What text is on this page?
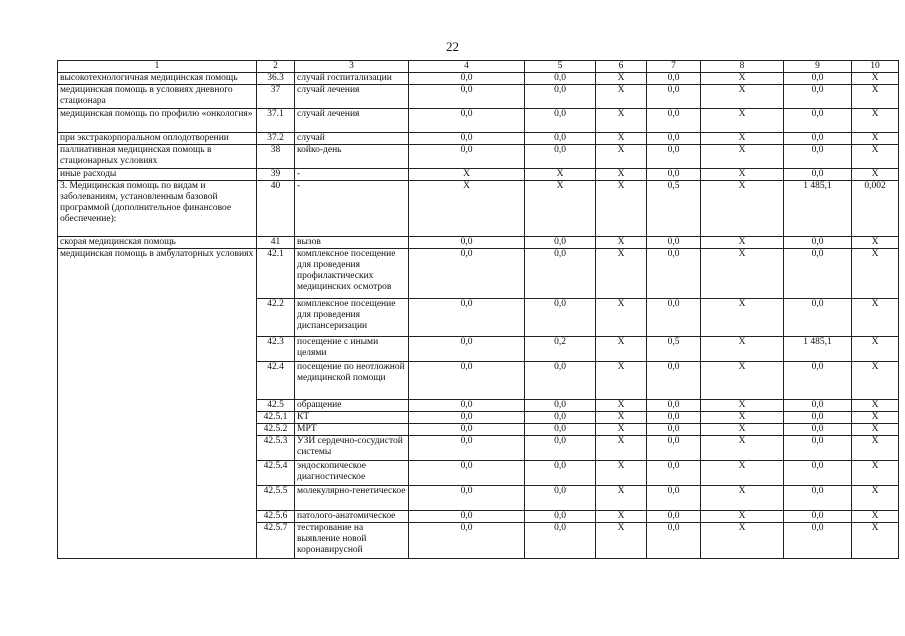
22
1	2	3	4	5	6	7	8	9	10
высокотехнологичная медицинская помощь	36.3	случай госпитализации	0,0	0,0	X	0,0	X	0,0	X
медицинская помощь в условиях дневного стационара	37	случай лечения	0,0	0,0	X	0,0	X	0,0	X
медицинская помощь по профилю «онкология»	37.1	случай лечения	0,0	0,0	X	0,0	X	0,0	X
при экстракорпоральном оплодотворении	37.2	случай	0,0	0,0	X	0,0	X	0,0	X
паллиативная медицинская помощь в стационарных условиях	38	койко-день	0,0	0,0	X	0,0	X	0,0	X
иные расходы	39	-	X	X	X	0,0	X	0,0	X
3. Медицинская помощь по видам и заболеваниям, установленным базовой программой (дополнительное финансовое обеспечение):	40	-	X	X	X	0,5	X	1 485,1	0,002
скорая медицинская помощь	41	вызов	0,0	0,0	X	0,0	X	0,0	X
медицинская помощь в амбулаторных условиях	42.1	комплексное посещение для проведения профилактических медицинских осмотров	0,0	0,0	X	0,0	X	0,0	X
	42.2	комплексное посещение для проведения диспансеризации	0,0	0,0	X	0,0	X	0,0	X
	42.3	посещение с иными целями	0,0	0,2	X	0,5	X	1 485,1	X
	42.4	посещение по неотложной медицинской помощи	0,0	0,0	X	0,0	X	0,0	X
	42.5	обращение	0,0	0,0	X	0,0	X	0,0	X
	42.5.1	КТ	0,0	0,0	X	0,0	X	0,0	X
	42.5.2	МРТ	0,0	0,0	X	0,0	X	0,0	X
	42.5.3	УЗИ сердечно-сосудистой системы	0,0	0,0	X	0,0	X	0,0	X
	42.5.4	эндоскопическое диагностическое	0,0	0,0	X	0,0	X	0,0	X
	42.5.5	молекулярно-генетическое	0,0	0,0	X	0,0	X	0,0	X
	42.5.6	патолого-анатомическое	0,0	0,0	X	0,0	X	0,0	X
	42.5.7	тестирование на выявление новой коронавирусной	0,0	0,0	X	0,0	X	0,0	X
